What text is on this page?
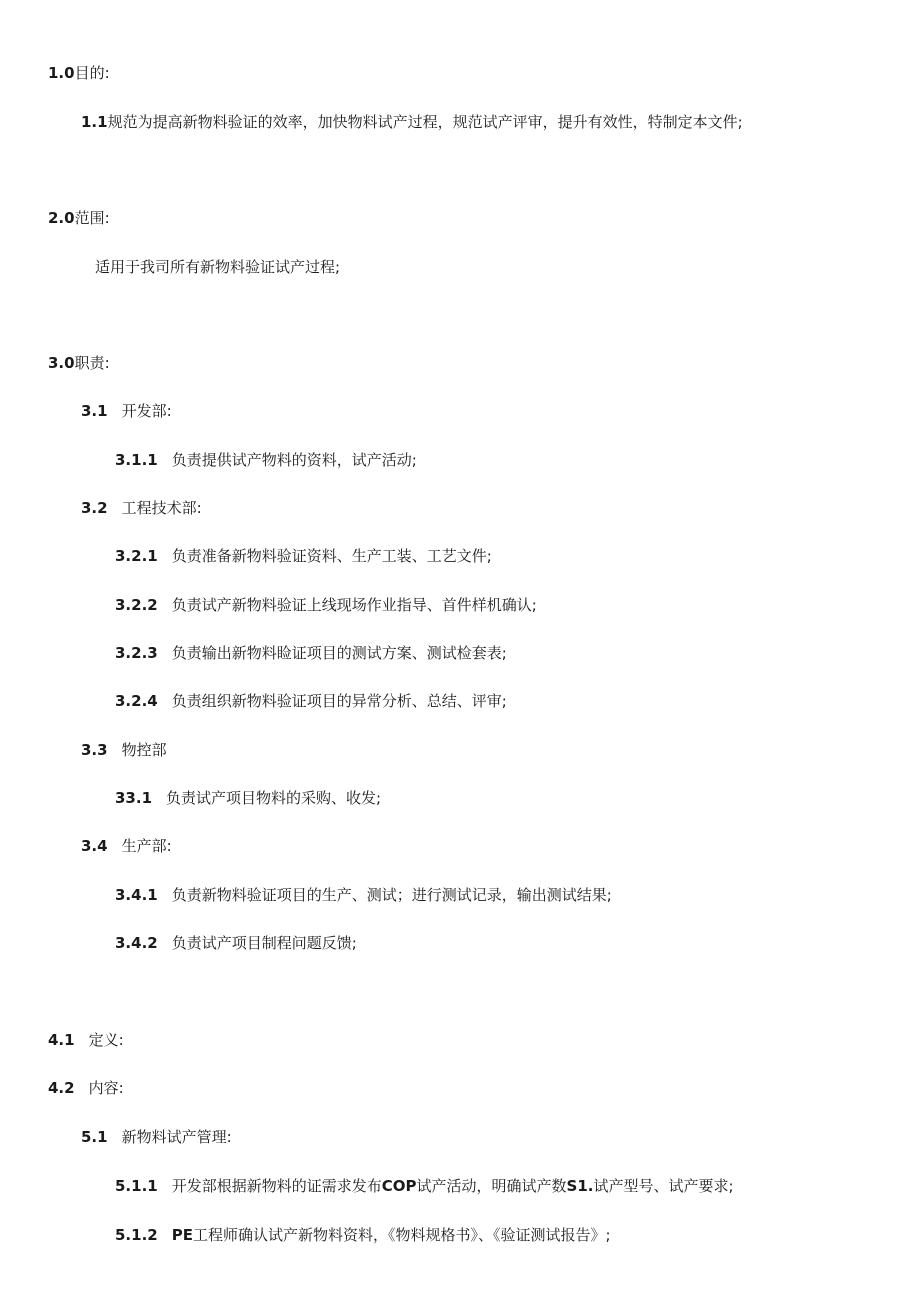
1.0目的:
1.1规范为提高新物料验证的效率，加快物料试产过程，规范试产评审，提升有效性，特制定本文件;
2.0范围:
适用于我司所有新物料验证试产过程;
3.0职责:
3.1 开发部:
3.1.1 负责提供试产物料的资料，试产活动;
3.2 工程技术部:
3.2.1 负责准备新物料验证资料、生产工装、工艺文件;
3.2.2 负责试产新物料验证上线现场作业指导、首件样机确认;
3.2.3 负责输出新物料睑证项目的测试方案、测试检套表;
3.2.4 负责组织新物料验证项目的异常分析、总结、评审;
3.3 物控部
33.1 负责试产项目物料的采购、收发;
3.4 生产部:
3.4.1 负责新物料验证项目的生产、测试；进行测试记录，输出测试结果;
3.4.2 负责试产项目制程问题反馈;
4.1 定义:
4.2 内容:
5.1 新物料试产管理:
5.1.1 开发部根据新物料的证需求发布COP试产活动，明确试产数S1.试产型号、试产要求;
5.1.2 PE工程师确认试产新物料资料，《物料规格书》、《验证测试报告》;
